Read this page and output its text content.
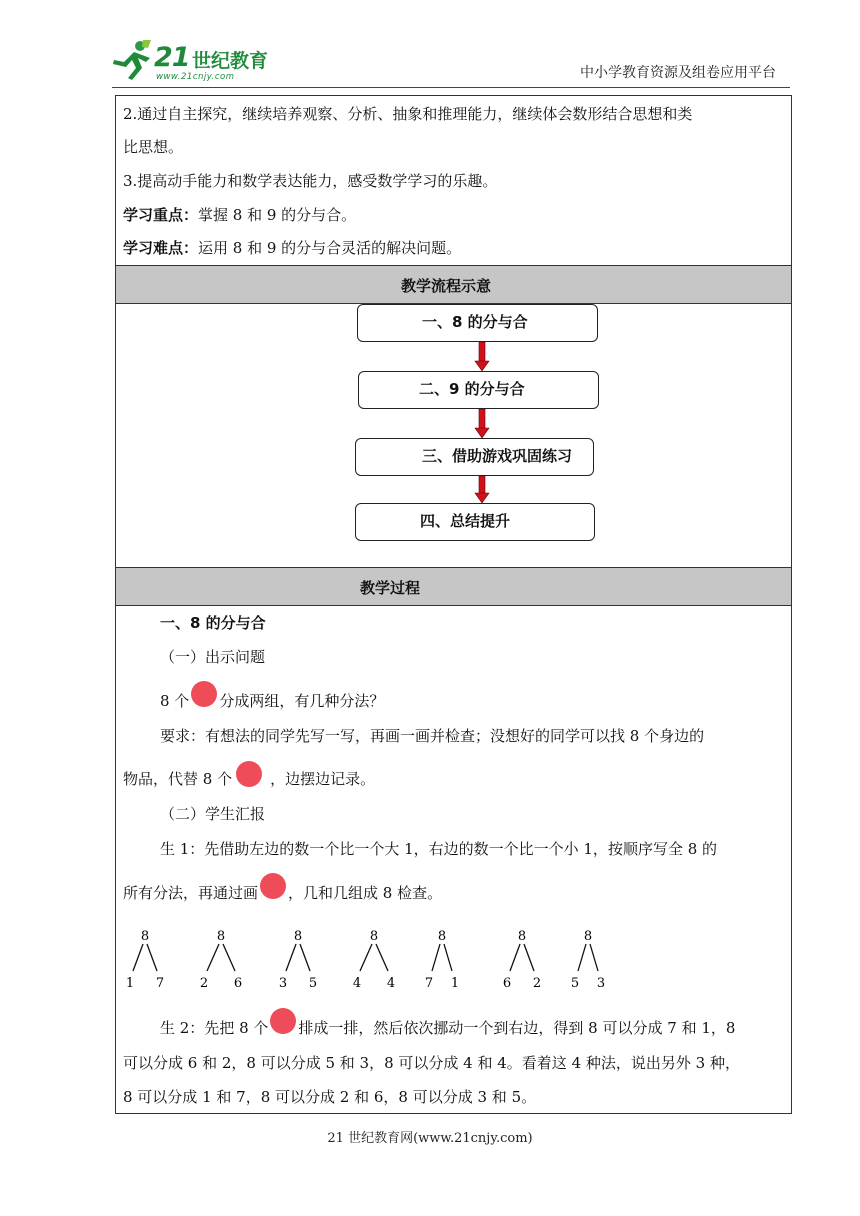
21 世纪教育
www.21cnjy.com	中小学教育资源及组卷应用平台
教学流程示意
教学过程
2.通过自主探究，继续培养观察、分析、抽象和推理能力，继续体会数形结合思想和类
比思想。
3.提高动手能力和数学表达能力，感受数学学习的乐趣。
学习重点：掌握 8 和 9 的分与合。
学习难点：运用 8 和 9 的分与合灵活的解决问题。
一、8 的分与合
二、9 的分与合
三、借助游戏巩固练习
四、总结提升
一、8 的分与合
（一）出示问题
8 个 分成两组，有几种分法？
要求：有想法的同学先写一写，再画一画并检查；没想好的同学可以找 8 个身边的
物品，代替 8 个	，边摆边记录。
（二）学生汇报
生 1：先借助左边的数一个比一个大 1，右边的数一个比一个小 1，按顺序写全 8 的
所有分法，再通过画 ，几和几组成 8 检查。
8
1 7
8
2 6
8
3 5
8
4 4
8
7 1
8
6 2
8
5 3
生 2：先把 8 个 排成一排，然后依次挪动一个到右边，得到 8 可以分成 7 和 1，8
可以分成 6 和 2，8 可以分成 5 和 3，8 可以分成 4 和 4。看着这 4 种法，说出另外 3 种，
8 可以分成 1 和 7，8 可以分成 2 和 6，8 可以分成 3 和 5。
21 世纪教育网(www.21cnjy.com)
